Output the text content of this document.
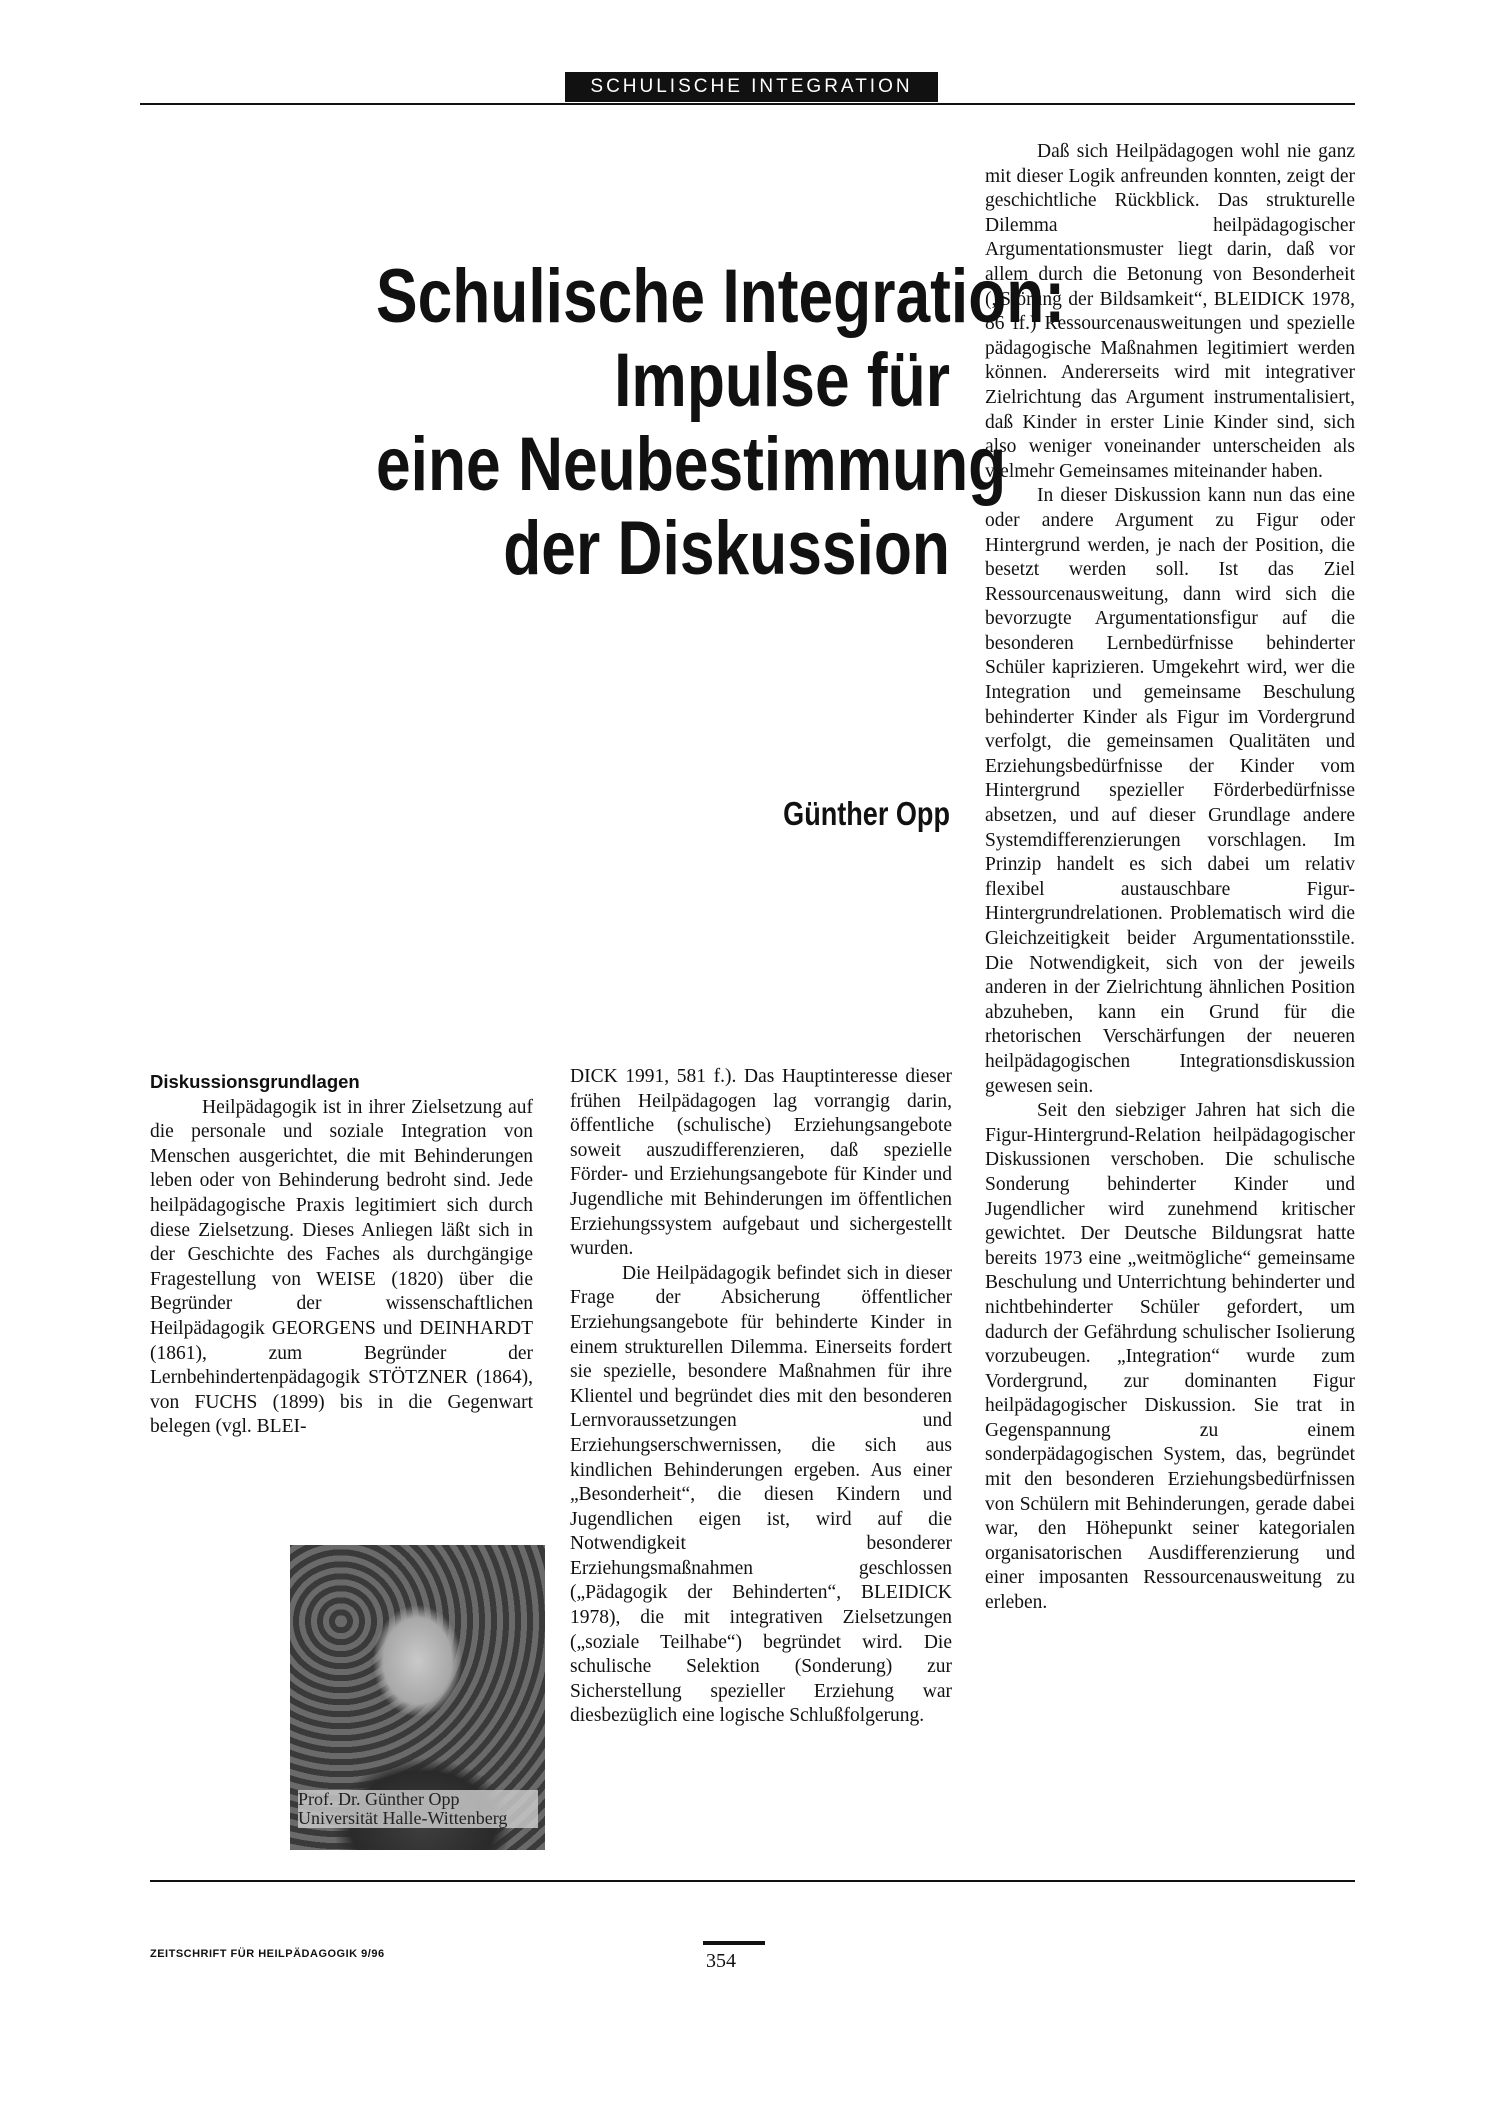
SCHULISCHE INTEGRATION
Schulische Integration:
Impulse für
eine Neubestimmung
der Diskussion
Günther Opp
Diskussionsgrundlagen

Heilpädagogik ist in ihrer Zielsetzung auf die personale und soziale Integration von Menschen ausgerichtet, die mit Behinderungen leben oder von Behinderung bedroht sind. Jede heilpädagogische Praxis legitimiert sich durch diese Zielsetzung. Dieses Anliegen läßt sich in der Geschichte des Faches als durchgängige Fragestellung von WEISE (1820) über die Begründer der wissenschaftlichen Heilpädagogik GEORGENS und DEINHARDT (1861), zum Begründer der Lernbehindertenpädagogik STÖTZNER (1864), von FUCHS (1899) bis in die Gegenwart belegen (vgl. BLEI-

Prof. Dr. Günther Opp Universität Halle-Wittenberg

DICK 1991, 581 f.). Das Hauptinteresse dieser frühen Heilpädagogen lag vorrangig darin, öffentliche (schulische) Erziehungsangebote soweit auszudifferenzieren, daß spezielle Förder- und Erziehungsangebote für Kinder und Jugendliche mit Behinderungen im öffentlichen Erziehungssystem aufgebaut und sichergestellt wurden.

Die Heilpädagogik befindet sich in dieser Frage der Absicherung öffentlicher Erziehungsangebote für behinderte Kinder in einem strukturellen Dilemma. Einerseits fordert sie spezielle, besondere Maßnahmen für ihre Klientel und begründet dies mit den besonderen Lernvoraussetzungen und Erziehungserschwernissen, die sich aus kindlichen Behinderungen ergeben. Aus einer „Besonderheit“, die diesen Kindern und Jugendlichen eigen ist, wird auf die Notwendigkeit besonderer Erziehungsmaßnahmen geschlossen („Pädagogik der Behinderten“, BLEIDICK 1978), die mit integrativen Zielsetzungen („soziale Teilhabe“) begründet wird. Die schulische Selektion (Sonderung) zur Sicherstellung spezieller Erziehung war diesbezüglich eine logische Schlußfolgerung.

Daß sich Heilpädagogen wohl nie ganz mit dieser Logik anfreunden konnten, zeigt der geschichtliche Rückblick. Das strukturelle Dilemma heilpädagogischer Argumentationsmuster liegt darin, daß vor allem durch die Betonung von Besonderheit („Störung der Bildsamkeit“, BLEIDICK 1978, 86 ff.) Ressourcenausweitungen und spezielle pädagogische Maßnahmen legitimiert werden können. Andererseits wird mit integrativer Zielrichtung das Argument instrumentalisiert, daß Kinder in erster Linie Kinder sind, sich also weniger voneinander unterscheiden als vielmehr Gemeinsames miteinander haben.

In dieser Diskussion kann nun das eine oder andere Argument zu Figur oder Hintergrund werden, je nach der Position, die besetzt werden soll. Ist das Ziel Ressourcenausweitung, dann wird sich die bevorzugte Argumentationsfigur auf die besonderen Lernbedürfnisse behinderter Schüler kaprizieren. Umgekehrt wird, wer die Integration und gemeinsame Beschulung behinderter Kinder als Figur im Vordergrund verfolgt, die gemeinsamen Qualitäten und Erziehungsbedürfnisse der Kinder vom Hintergrund spezieller Förderbedürfnisse absetzen, und auf dieser Grundlage andere Systemdifferenzierungen vorschlagen. Im Prinzip handelt es sich dabei um relativ flexibel austauschbare Figur-Hintergrundrelationen. Problematisch wird die Gleichzeitigkeit beider Argumentationsstile. Die Notwendigkeit, sich von der jeweils anderen in der Zielrichtung ähnlichen Position abzuheben, kann ein Grund für die rhetorischen Verschärfungen der neueren heilpädagogischen Integrationsdiskussion gewesen sein.

Seit den siebziger Jahren hat sich die Figur-Hintergrund-Relation heilpädagogischer Diskussionen verschoben. Die schulische Sonderung behinderter Kinder und Jugendlicher wird zunehmend kritischer gewichtet. Der Deutsche Bildungsrat hatte bereits 1973 eine „weitmögliche“ gemeinsame Beschulung und Unterrichtung behinderter und nichtbehinderter Schüler gefordert, um dadurch der Gefährdung schulischer Isolierung vorzubeugen. „Integration“ wurde zum Vordergrund, zur dominanten Figur heilpädagogischer Diskussion. Sie trat in Gegenspannung zu einem sonderpädagogischen System, das, begründet mit den besonderen Erziehungsbedürfnissen von Schülern mit Behinderungen, gerade dabei war, den Höhepunkt seiner kategorialen organisatorischen Ausdifferenzierung und einer imposanten Ressourcenausweitung zu erleben.

ZEITSCHRIFT FÜR HEILPÄDAGOGIK 9/96	354
